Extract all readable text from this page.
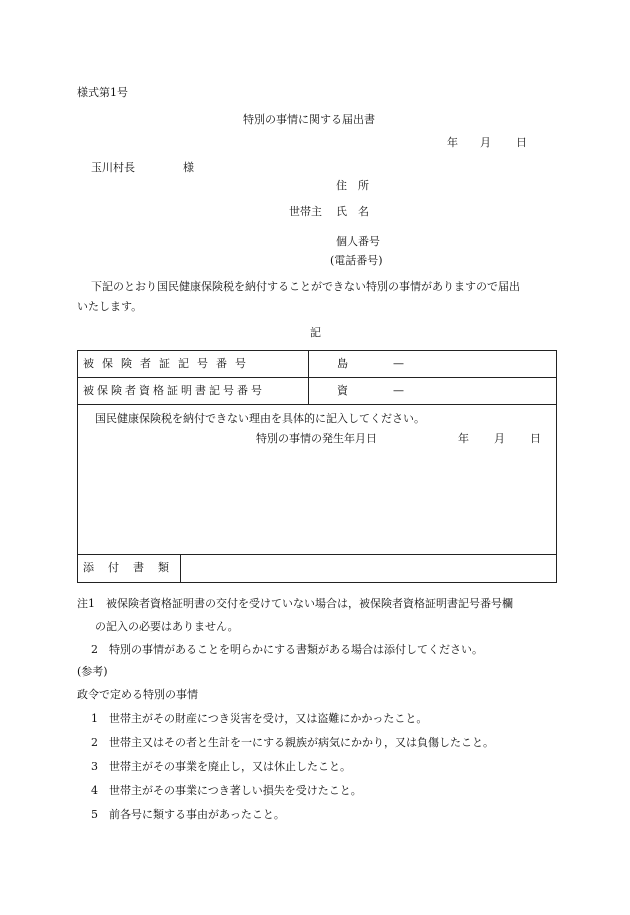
様式第1号
特別の事情に関する届出書
年 月 日
玉川村長	様
住　所
世帯主 氏　名
個人番号
(電話番号)
下記のとおり国民健康保険税を納付することができない特別の事情がありますので届出
いたします。
記
被保険者証記号番号	島	—
被保険者資格証明書記号番号	資	—
国民健康保険税を納付できない理由を具体的に記入してください。
特別の事情の発生年月日	年 月 日
添付書類
注1　被保険者資格証明書の交付を受けていない場合は，被保険者資格証明書記号番号欄
の記入の必要はありません。
2　特別の事情があることを明らかにする書類がある場合は添付してください。
(参考)
政令で定める特別の事情
1　世帯主がその財産につき災害を受け，又は盗難にかかったこと。
2　世帯主又はその者と生計を一にする親族が病気にかかり，又は負傷したこと。
3　世帯主がその事業を廃止し，又は休止したこと。
4　世帯主がその事業につき著しい損失を受けたこと。
5　前各号に類する事由があったこと。
